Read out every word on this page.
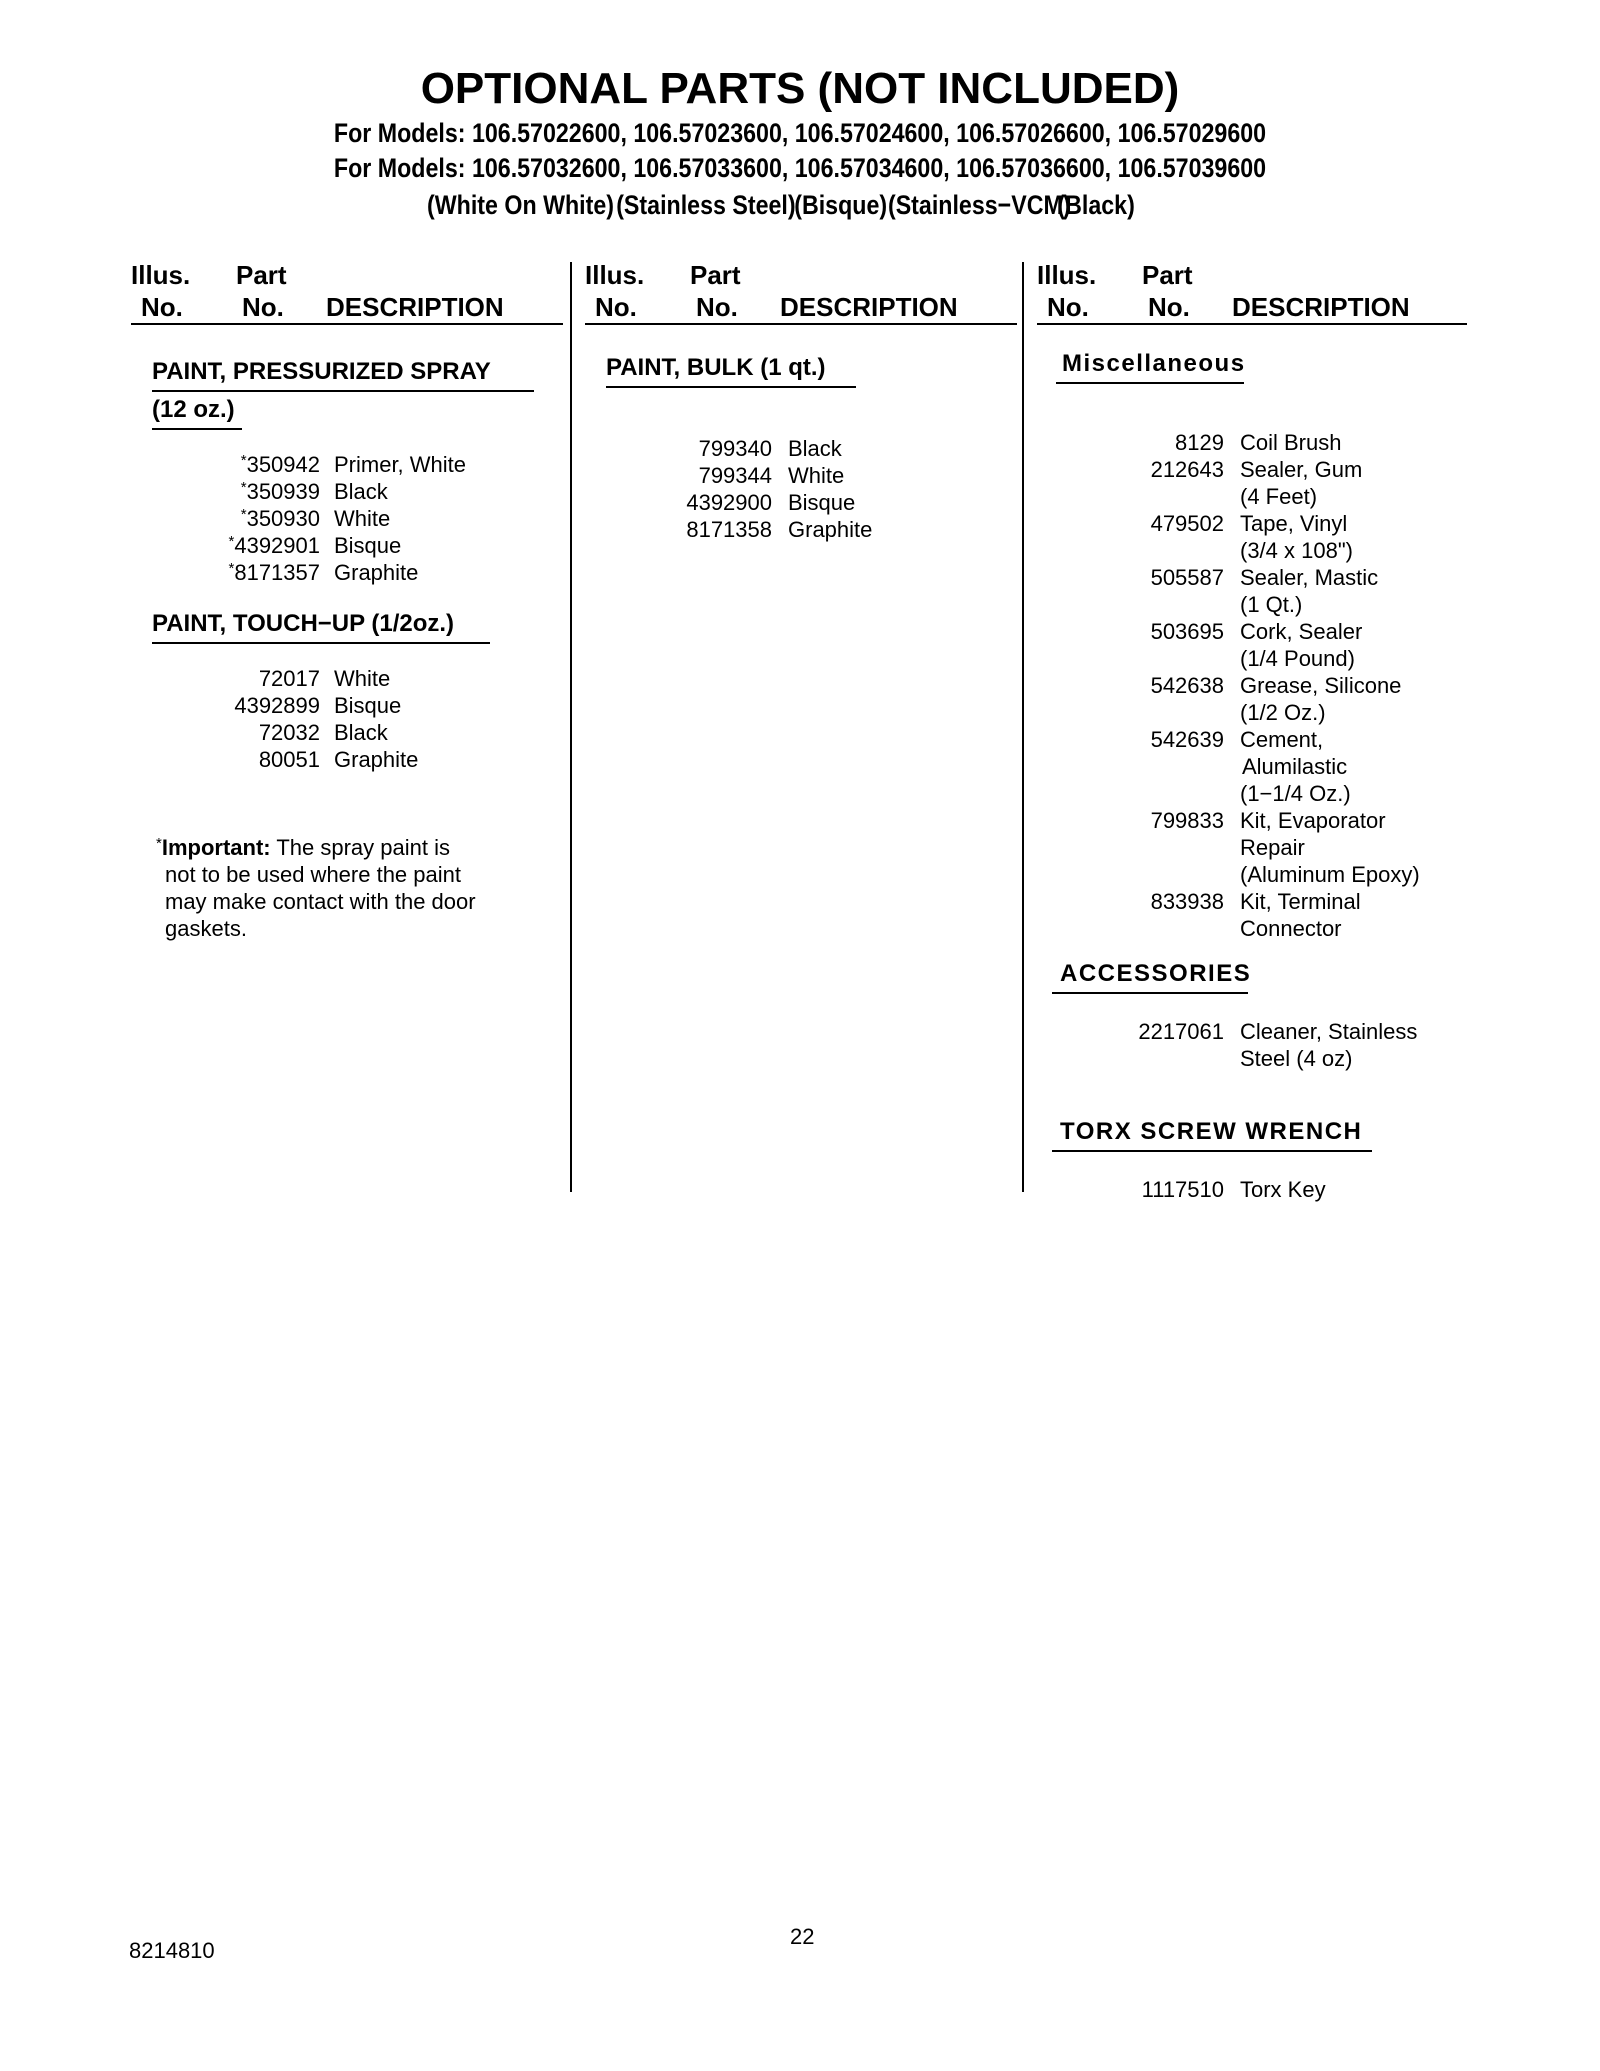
OPTIONAL PARTS (NOT INCLUDED)
For Models: 106.57022600, 106.57023600, 106.57024600, 106.57026600, 106.57029600
For Models: 106.57032600, 106.57033600, 106.57034600, 106.57036600, 106.57039600
(White On White) (Stainless Steel)
(Bisque) (Stainless−VCM)
(Black)
Illus. Part
No. No. DESCRIPTION
Illus. Part
No. No. DESCRIPTION
Illus. Part
No. No. DESCRIPTION
PAINT, PRESSURIZED SPRAY
(12 oz.)
*350942 Primer, White
*350939 Black
*350930 White
*4392901 Bisque
*8171357 Graphite
PAINT, TOUCH−UP (1/2oz.)
72017 White
4392899 Bisque
72032 Black
80051 Graphite
*Important: The spray paint is
not to be used where the paint
may make contact with the door
gaskets.
PAINT, BULK (1 qt.)
799340 Black
799344 White
4392900 Bisque
8171358 Graphite
Miscellaneous
8129 Coil Brush
212643 Sealer, Gum
(4 Feet)
479502 Tape, Vinyl
(3/4 x 108")
505587 Sealer, Mastic
(1 Qt.)
503695 Cork, Sealer
(1/4 Pound)
542638 Grease, Silicone
(1/2 Oz.)
542639 Cement,
Alumilastic
(1−1/4 Oz.)
799833 Kit, Evaporator
Repair
(Aluminum Epoxy)
833938 Kit, Terminal
Connector
ACCESSORIES
2217061 Cleaner, Stainless
Steel (4 oz)
TORX SCREW WRENCH
1117510 Torx Key
8214810
22
